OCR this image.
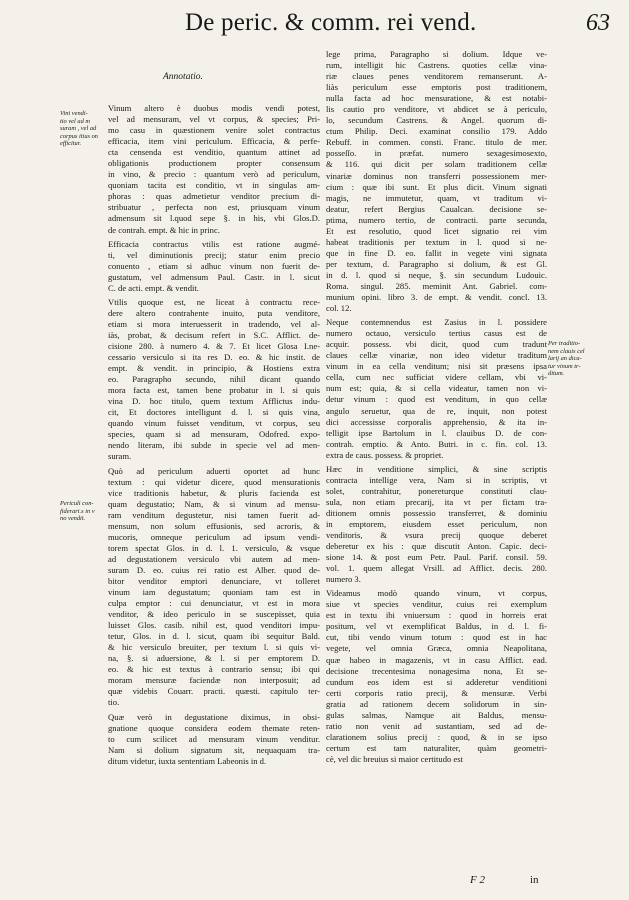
De peric. & comm. rei vend.	63
Annotatio.
Vini vendi-
tio vel ad m
suram , vel ad
corpus itius on
efficitur.
Periculi con-
fiderari.s in v
no vendit.
Per traditio-
nem clauis cel
larij an dica-
tur vinum tr-
ditum.
Vinum altero è duobus modis vendi potest,
vel ad mensuram, vel vt corpus, & species; Pri-
mo casu in quæstionem venire solet contractus
efficacia, item vini periculum. Efficacia, & perfe-
cta censenda est venditio, quantum attinet ad
obligationis productionem propter consensum
in vino, & precio : quantum verò ad periculum,
quoniam tacita est conditio, vt in singulas am-
phoras : quas admetietur venditor precium di-
stribuatur , perfecta non est, priusquam vinum
admensum sit l.quod sepe §. in his, vbi Glos.D.
de contrah. empt. & hic in princ.
Efficacia contractus vtilis est ratione augmé-
ti, vel diminutionis precij; statur enim precio
conuento , etiam si adhuc vinum non fuerit de-
gustatum, vel admensum Paul. Castr. in l. sicut
C. de acti. empt. & vendit.
Vtilis quoque est, ne liceat à contractu rece-
dere altero contrahente inuito, puta venditore,
etiam si mora interuesserit in tradendo, vel al-
iàs, probat, & decisum refert in S.C. Afflict. de-
cisione 280. à numero 4. & 7. Et licet Glosa I.ne-
cessario versiculo si ita res D. eo. & hic instit. de
empt. & vendit. in principio, & Hostiens extra
eo. Paragrapho secundo, nihil dicant quando
mora facta est, tamen bene probatur in l. si quis
vina D. hoc titulo, quem textum Afflictus indu-
cit, Et doctores intelligunt d. l. si quis vina,
quando vinum fuisset venditum, vt corpus, seu
species, quam si ad mensuram, Odofred. expo-
nendo literam, ibi subde in specie vel ad men-
suram.
Quò ad periculum aduerti oportet ad hunc
textum : qui videtur dicere, quod mensurationis
vice traditionis habetur, & pluris facienda est
quam degustatio; Nam, & si vinum ad mensu-
ram venditum degustetur, nisi tamen fuerit ad-
mensum, non solum effusionis, sed acroris, &
mucoris, omneque periculum ad ipsum vendi-
torem spectat Glos. in d. l. 1. versiculo, & vsque
ad degustationem versiculo vbi autem ad men-
suram D. eo. cuius rei ratio est Alber. quod de-
bitor venditor emptori denunciare, vt tolleret
vinum iam degustatum; quoniam tam est in
culpa emptor : cui denunciatur, vt est in mora
venditor, & ideo periculo in se suscepisset, quia
luisset Glos. casib. nihil est, quod venditori impu-
tetur, Glos. in d. l. sicut, quam ibi sequitur Bald.
& hic versiculo breuiter, per textum l. si quis vi-
na, §. si aduersione, & l. si per emptorem D.
eo. & hic est textus à contrario sensu; ibi qui
moram mensuræ faciendæ non interposuit; ad
quæ videbis Couarr. practi. quæsti. capitulo ter-
tio.
Quæ verò in degustatione diximus, in obsi-
gnatione quoque considera eodem themate reten-
to cum scilicet ad mensuram vinum venditur.
Nam si dolium signatum sit, nequaquam tra-
ditum videtur, iuxta sententiam Labeonis in d.
lege prima, Paragrapho si dolium. Idque ve-
rum, intelligit hic Castrens. quoties cellæ vina-
riæ claues penes venditorem remanserunt. A-
liàs periculum esse emptoris post traditionem,
nulla facta ad hoc mensuratione, & est notabi-
lis cautio pro venditore, vt abdicet se à periculo,
lo, secundum Castrens. & Angel. quorum di-
ctum Philip. Deci. examinat consilio 179. Addo
Rebuff. in commen. consti. Franc. titulo de mer.
posseſſo. in præfat. numero sexagesimosexto,
& 116. qui dicit per solam traditionem cellæ
vinariæ dominus non transferri possessionem mer-
cium : quæ ibi sunt. Et plus dicit. Vinum signati
magis, ne immutetur, quam, vt traditum vi-
deatur, refert Bergius Caualcan. decisione se-
ptima, numero tertio, de contracti. parte secunda,
Et est resolutio, quod licet signatio rei vim
habeat traditionis per textum in l. quod si ne-
que in fine D. eo. fallit in vegete vini signata
per textum, d. Paragrapho si dolium, & est Gl.
in d. l. quod si neque, §. sin secundum Ludouic.
Roma. singul. 285. meminit Ant. Gabriel. com-
munium opini. libro 3. de empt. & vendit. concl. 13.
col. 12.
Neque contemnendus est Zasius in l. possidere
numero octauo, versiculo tertius casus est de
acquir. possess. vbi dicit, quod cum tradunt
claues cellæ vinariæ, non ideo videtur traditum
vinum in ea cella venditum; nisi sit præsens ipsa
cella, cum nec sufficiat videre cellam, vbi vi-
num est; quia, & si cella videatur, tamen non vi-
detur vinum : quod est venditum, in quo cellæ
angulo seruetur, qua de re, inquit, non potest
dici accessisse corporalis apprehensio, & ita in-
telligit ipse Bartolum in l. clauibus D. de con-
contrah. emptio. & Anto. Butri. in c. fin. col. 13.
extra de caus. possess. & propriet.
Hæc in venditione simplici, & sine scriptis
contracta intellige vera, Nam si in scriptis, vt
solet, contrahitur, ponereturque constituti clau-
sula, non etiam precarij, ita vt per fictam tra-
ditionem omnis possessio transferret, & dominiu
in emptorem, eiusdem esset periculum, non
venditoris, & vsura precij quoque deberet
deberetur ex his : quæ discutit Anton. Capic. deci-
sione 14. & post eum Petr. Paul. Parif. consil. 59.
vol. 1. quem allegat Vrsill. ad Afflict. decis. 280.
numero 3.
Videamus modò quando vinum, vt corpus,
siue vt species venditur, cuius rei exemplum
est in textu ibi vniuersum : quod in horreis erat
positum, vel vt exemplificat Baldus, in d. l. fi-
cut, tibi vendo vinum totum : quod est in hac
vegete, vel omnia Græca, omnia Neapolitana,
quæ habeo in magazenis, vt in casu Afflict. ead.
decisione trecentesima nonagesima nona, Et se-
cundum eos idem est si adderetur venditioni
certi corporis ratio precij, & mensuræ. Verbi
gratia ad rationem decem solidorum in sin-
gulas salmas, Namque ait Baldus, mensu-
ratio non venit ad sustantiam, sed ad de-
clarationem solius precij : quod, & in se ipso
certum est tam naturaliter, quàm geometri-
cè, vel dic breuius si maior certitudo est
F 2	in
